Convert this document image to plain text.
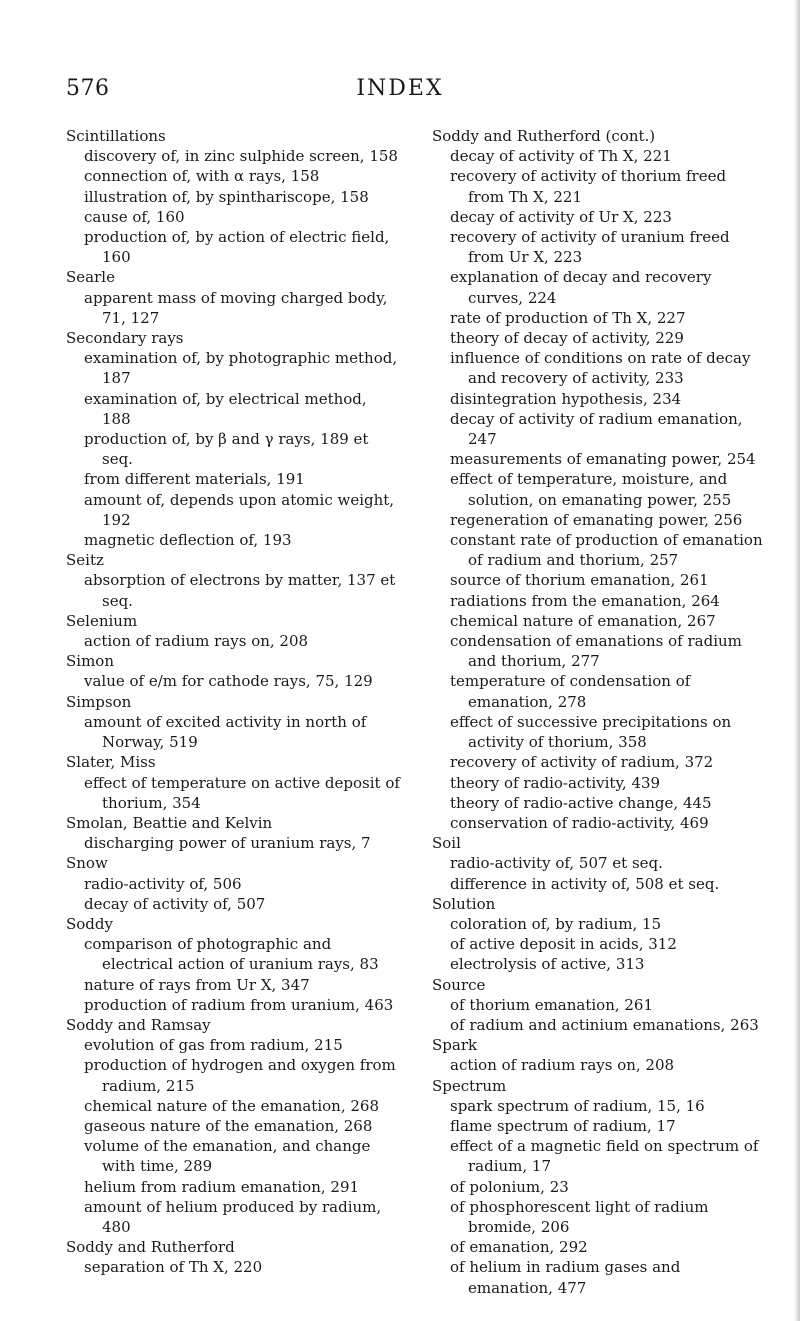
576	INDEX
Scintillations
discovery of, in zinc sulphide screen, 158
connection of, with α rays, 158
illustration of, by spinthariscope, 158
cause of, 160
production of, by action of electric field, 160
Searle
apparent mass of moving charged body, 71, 127
Secondary rays
examination of, by photographic method, 187
examination of, by electrical method, 188
production of, by β and γ rays, 189 et seq.
from different materials, 191
amount of, depends upon atomic weight, 192
magnetic deflection of, 193
Seitz
absorption of electrons by matter, 137 et seq.
Selenium
action of radium rays on, 208
Simon
value of e/m for cathode rays, 75, 129
Simpson
amount of excited activity in north of Norway, 519
Slater, Miss
effect of temperature on active deposit of thorium, 354
Smolan, Beattie and Kelvin
discharging power of uranium rays, 7
Snow
radio-activity of, 506
decay of activity of, 507
Soddy
comparison of photographic and electrical action of uranium rays, 83
nature of rays from Ur X, 347
production of radium from uranium, 463
Soddy and Ramsay
evolution of gas from radium, 215
production of hydrogen and oxygen from radium, 215
chemical nature of the emanation, 268
gaseous nature of the emanation, 268
volume of the emanation, and change with time, 289
helium from radium emanation, 291
amount of helium produced by radium, 480
Soddy and Rutherford
separation of Th X, 220
Soddy and Rutherford (cont.)
decay of activity of Th X, 221
recovery of activity of thorium freed from Th X, 221
decay of activity of Ur X, 223
recovery of activity of uranium freed from Ur X, 223
explanation of decay and recovery curves, 224
rate of production of Th X, 227
theory of decay of activity, 229
influence of conditions on rate of decay and recovery of activity, 233
disintegration hypothesis, 234
decay of activity of radium emanation, 247
measurements of emanating power, 254
effect of temperature, moisture, and solution, on emanating power, 255
regeneration of emanating power, 256
constant rate of production of emanation of radium and thorium, 257
source of thorium emanation, 261
radiations from the emanation, 264
chemical nature of emanation, 267
condensation of emanations of radium and thorium, 277
temperature of condensation of emanation, 278
effect of successive precipitations on activity of thorium, 358
recovery of activity of radium, 372
theory of radio-activity, 439
theory of radio-active change, 445
conservation of radio-activity, 469
Soil
radio-activity of, 507 et seq.
difference in activity of, 508 et seq.
Solution
coloration of, by radium, 15
of active deposit in acids, 312
electrolysis of active, 313
Source
of thorium emanation, 261
of radium and actinium emanations, 263
Spark
action of radium rays on, 208
Spectrum
spark spectrum of radium, 15, 16
flame spectrum of radium, 17
effect of a magnetic field on spectrum of radium, 17
of polonium, 23
of phosphorescent light of radium bromide, 206
of emanation, 292
of helium in radium gases and emanation, 477
